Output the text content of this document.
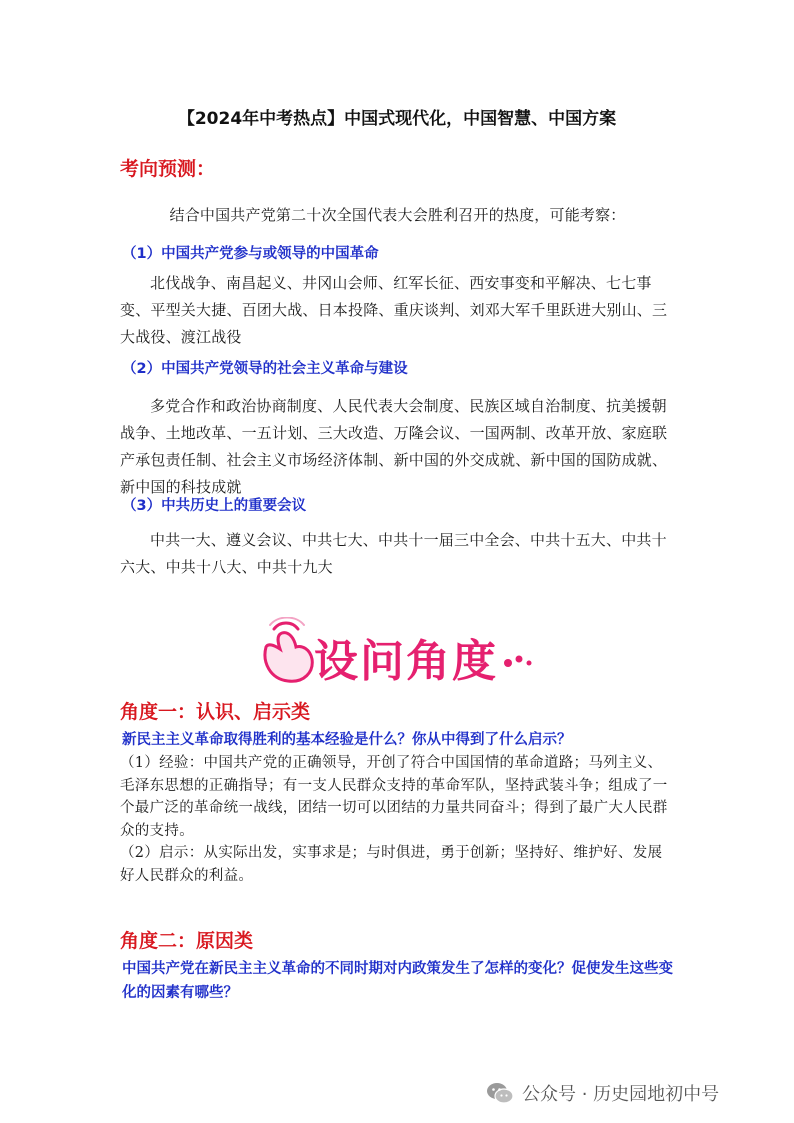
【2024年中考热点】中国式现代化，中国智慧、中国方案
考向预测：
结合中国共产党第二十次全国代表大会胜利召开的热度，可能考察：
（1）中国共产党参与或领导的中国革命
北伐战争、南昌起义、井冈山会师、红军长征、西安事变和平解决、七七事变、平型关大捷、百团大战、日本投降、重庆谈判、刘邓大军千里跃进大别山、三大战役、渡江战役
（2）中国共产党领导的社会主义革命与建设
多党合作和政治协商制度、人民代表大会制度、民族区域自治制度、抗美援朝战争、土地改革、一五计划、三大改造、万隆会议、一国两制、改革开放、家庭联产承包责任制、社会主义市场经济体制、新中国的外交成就、新中国的国防成就、新中国的科技成就
（3）中共历史上的重要会议
中共一大、遵义会议、中共七大、中共十一届三中全会、中共十五大、中共十六大、中共十八大、中共十九大
设问角度
角度一：认识、启示类
新民主主义革命取得胜利的基本经验是什么？你从中得到了什么启示？

（1）经验：中国共产党的正确领导，开创了符合中国国情的革命道路；马列主义、毛泽东思想的正确指导；有一支人民群众支持的革命军队，坚持武装斗争；组成了一个最广泛的革命统一战线，团结一切可以团结的力量共同奋斗；得到了最广大人民群众的支持。

（2）启示：从实际出发，实事求是；与时俱进，勇于创新；坚持好、维护好、发展好人民群众的利益。

角度二：原因类
中国共产党在新民主主义革命的不同时期对内政策发生了怎样的变化？促使发生这些变化的因素有哪些？
公众号 · 历史园地初中号
